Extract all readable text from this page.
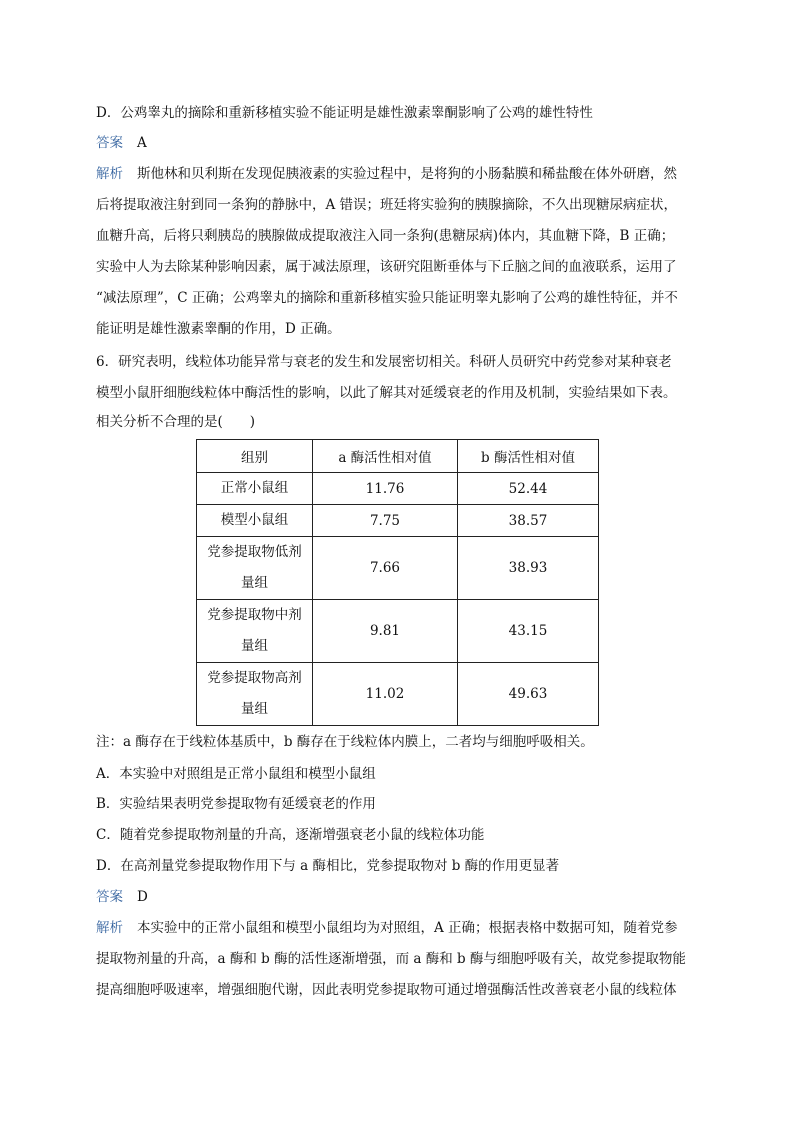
D．公鸡睾丸的摘除和重新移植实验不能证明是雄性激素睾酮影响了公鸡的雄性特性
答案 A
解析 斯他林和贝利斯在发现促胰液素的实验过程中，是将狗的小肠黏膜和稀盐酸在体外研磨，然
后将提取液注射到同一条狗的静脉中，A 错误；班廷将实验狗的胰腺摘除，不久出现糖尿病症状，
血糖升高，后将只剩胰岛的胰腺做成提取液注入同一条狗(患糖尿病)体内，其血糖下降，B 正确；
实验中人为去除某种影响因素，属于减法原理，该研究阻断垂体与下丘脑之间的血液联系，运用了
“减法原理”，C 正确；公鸡睾丸的摘除和重新移植实验只能证明睾丸影响了公鸡的雄性特征，并不
能证明是雄性激素睾酮的作用，D 正确。
6．研究表明，线粒体功能异常与衰老的发生和发展密切相关。科研人员研究中药党参对某种衰老
模型小鼠肝细胞线粒体中酶活性的影响，以此了解其对延缓衰老的作用及机制，实验结果如下表。
相关分析不合理的是(　　)
组别	a 酶活性相对值	b 酶活性相对值
正常小鼠组	11.76	52.44
模型小鼠组	7.75	38.57
党参提取物低剂
量组	7.66	38.93
党参提取物中剂
量组	9.81	43.15
党参提取物高剂
量组	11.02	49.63
注：a 酶存在于线粒体基质中，b 酶存在于线粒体内膜上，二者均与细胞呼吸相关。
A．本实验中对照组是正常小鼠组和模型小鼠组
B．实验结果表明党参提取物有延缓衰老的作用
C．随着党参提取物剂量的升高，逐渐增强衰老小鼠的线粒体功能
D．在高剂量党参提取物作用下与 a 酶相比，党参提取物对 b 酶的作用更显著
答案 D
解析 本实验中的正常小鼠组和模型小鼠组均为对照组，A 正确；根据表格中数据可知，随着党参
提取物剂量的升高，a 酶和 b 酶的活性逐渐增强，而 a 酶和 b 酶与细胞呼吸有关，故党参提取物能
提高细胞呼吸速率，增强细胞代谢，因此表明党参提取物可通过增强酶活性改善衰老小鼠的线粒体
